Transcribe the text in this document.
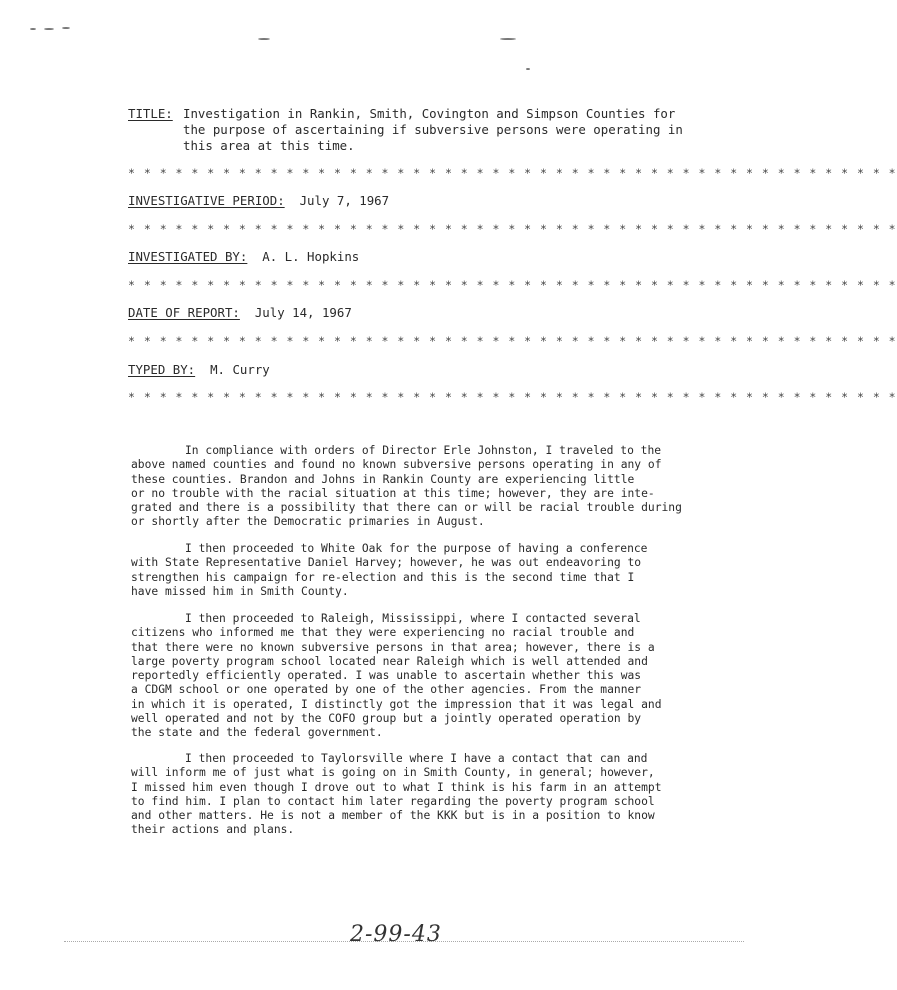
TITLE: Investigation in Rankin, Smith, Covington and Simpson Counties for the purpose of ascertaining if subversive persons were operating in this area at this time.
* * * * * * * * * * * * * * * * * * * * * * * * * * * * * * * * * * * * * * * * * * * * * * * * *
INVESTIGATIVE PERIOD: July 7, 1967
* * * * * * * * * * * * * * * * * * * * * * * * * * * * * * * * * * * * * * * * * * * * * * * * *
INVESTIGATED BY: A. L. Hopkins
* * * * * * * * * * * * * * * * * * * * * * * * * * * * * * * * * * * * * * * * * * * * * * * * *
DATE OF REPORT: July 14, 1967
* * * * * * * * * * * * * * * * * * * * * * * * * * * * * * * * * * * * * * * * * * * * * * * * *
TYPED BY: M. Curry
* * * * * * * * * * * * * * * * * * * * * * * * * * * * * * * * * * * * * * * * * * * * * * * * *

In compliance with orders of Director Erle Johnston, I traveled to the
above named counties and found no known subversive persons operating in any of
these counties. Brandon and Johns in Rankin County are experiencing little
or no trouble with the racial situation at this time; however, they are inte-
grated and there is a possibility that there can or will be racial trouble during
or shortly after the Democratic primaries in August.

I then proceeded to White Oak for the purpose of having a conference
with State Representative Daniel Harvey; however, he was out endeavoring to
strengthen his campaign for re-election and this is the second time that I
have missed him in Smith County.

I then proceeded to Raleigh, Mississippi, where I contacted several
citizens who informed me that they were experiencing no racial trouble and
that there were no known subversive persons in that area; however, there is a
large poverty program school located near Raleigh which is well attended and
reportedly efficiently operated. I was unable to ascertain whether this was
a CDGM school or one operated by one of the other agencies. From the manner
in which it is operated, I distinctly got the impression that it was legal and
well operated and not by the COFO group but a jointly operated operation by
the state and the federal government.

I then proceeded to Taylorsville where I have a contact that can and
will inform me of just what is going on in Smith County, in general; however,
I missed him even though I drove out to what I think is his farm in an attempt
to find him. I plan to contact him later regarding the poverty program school
and other matters. He is not a member of the KKK but is in a position to know
their actions and plans.

2-99-43
